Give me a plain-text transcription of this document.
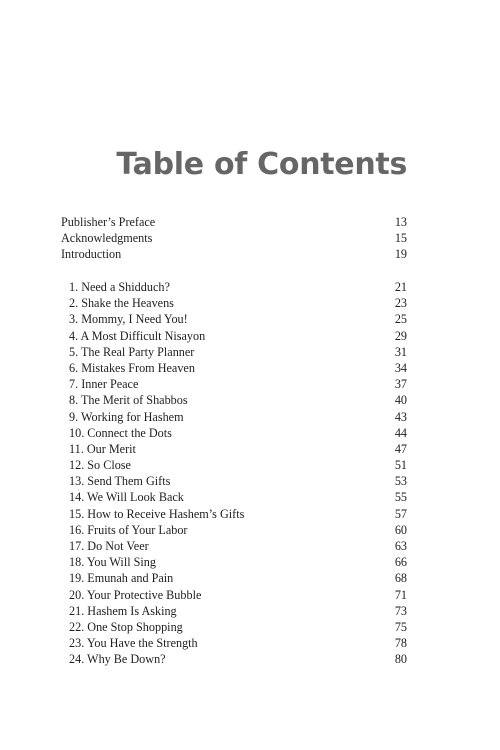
Table of Contents
Publisher’s Preface	13
Acknowledgments	15
Introduction	19
1. Need a Shidduch?	21
2. Shake the Heavens	23
3. Mommy, I Need You!	25
4. A Most Difficult Nisayon	29
5. The Real Party Planner	31
6. Mistakes From Heaven	34
7. Inner Peace	37
8. The Merit of Shabbos	40
9. Working for Hashem	43
10. Connect the Dots	44
11. Our Merit	47
12. So Close	51
13. Send Them Gifts	53
14. We Will Look Back	55
15. How to Receive Hashem’s Gifts	57
16. Fruits of Your Labor	60
17. Do Not Veer	63
18. You Will Sing	66
19. Emunah and Pain	68
20. Your Protective Bubble	71
21. Hashem Is Asking	73
22. One Stop Shopping	75
23. You Have the Strength	78
24. Why Be Down?	80
